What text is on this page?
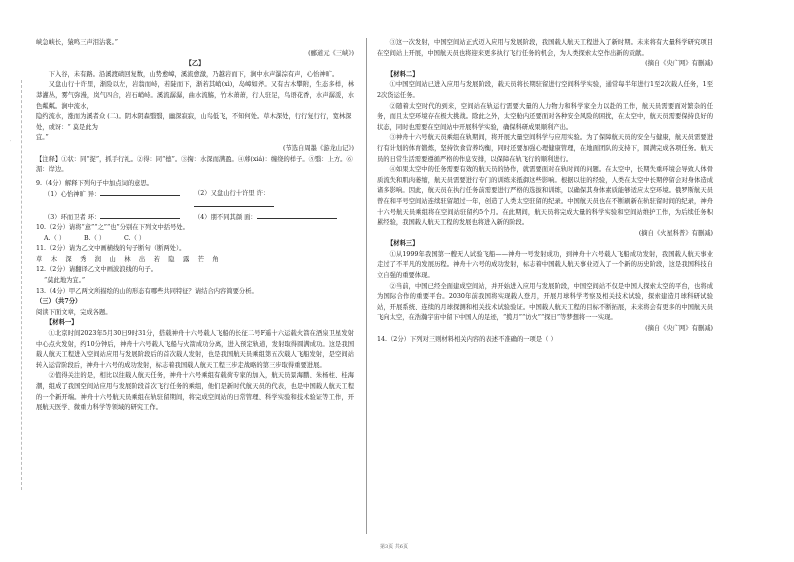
·
峡急峡长，猿鸣三声泪沾裳。”
(郦道元《三峡》)
【乙】
下入谷，未有路。沿溪渡碛回复数，山势愈嶂，溪流愈激，乃越岩而下，涧中水声瀑淙有声，心怡神旷。
又盘山行十许里，渐险以左，岩翁而峙，若陡而下，渐若其峭(xì)，岛嶂如斧。又有古木攀附，生态多样，林莽灌丛，雾气弥漫，岚气四合，岩石峭峙。溪流潺潺，曲水流觞，竹木萧萧，行人驻足，鸟语花香，水声潺湲，水色粼粼。涧中流水，
隐约流水，涨而为溪者众 (二)。阴木阴森翳翳，幽深寂寂，山鸟低飞，不知何处。草木深处，行行复行行，宽林深处，或讶：“ 莫是此为
宜。”
(节选自周墨《游龙山记》)
【注释】①状：同“捉”，抓手行礼。②得：同“德”。③掬：水深而满盈。④蓐(xiá)：缠绕的样子。⑤翳：上方。⑥湄：岸边。
9.（4分）解释下列句子中加点词的意思。
（1）心怡神旷 异：	（2）又盘山行十许里 许：
（3）环而卫者 环：	（4）朋不同其颜 面：
10.（2分）请将“意”“之”“也”分别在下列文中括号处。
A.（ ）	B.（ ）	C.（ ）
11.（2分）请为乙文中画横线的句子断句（断两处）。
草 木 深 秀 润 山 林 出 若 隐 露 芒 角
12.（2分）请翻译乙文中画波浪线的句子。
“莫此地为宜。”
13.（4分）甲乙两文所描绘的山的形态有哪些共同特征？请结合内容简要分析。
（三）（共7分）
阅读下面文章，完成各题。
【材料一】
①北京时间2023年5月30日9时31分，搭载神舟十六号载人飞船的长征二号F遥十六运载火箭在酒泉卫星发射中心点火发射，约10分钟后，神舟十六号载人飞船与火箭成功分离，进入预定轨道，发射取得圆满成功。这是我国载人航天工程进入空间站应用与发展阶段后的首次载人发射，也是我国航天员乘组第五次载人飞船发射，是空间站转入运营阶段后，神舟十六号的成功发射，标志着我国载人航天工程三步走战略的第三步取得重要进展。
②值得关注的是，相比以往载人航天任务，神舟十六号乘组有载荷专家的加入，航天员景海鹏、朱杨柱、桂海潮，组成了我国空间站应用与发展阶段首次飞行任务的乘组，他们是新时代航天员的代表，也是中国载人航天工程的一个新开端。神舟十六号航天员乘组在轨驻留期间，将完成空间站的日常管理、科学实验和技术验证等工作，开展航天医学、微重力科学等领域的研究工作。
③这一次发射，中国空间站正式迈入应用与发展阶段，我国载人航天工程进入了新时期。未来将有大量科学研究项目在空间站上开展，中国航天员也将迎来更多执行飞行任务的机会，为人类探索太空作出新的贡献。
(摘自《央广网》有删减)
【材料二】
①中国空间站已进入应用与发展阶段，载天员将长期驻留进行空间科学实验，通常每半年进行1至2次载人任务，1至2次货运任务。
②随着太空时代的到来，空间站在轨运行需要大量的人力物力和科学家全力以赴的工作，航天员需要面对繁杂的任务，而且太空环境存在极大挑战。除此之外，太空舱内还要面对各种安全风险的困扰，在太空中，航天员需要保持良好的状态，同时也需要在空间站中开展科学实验，确保科研成果顺利产出。
③神舟十六号航天员乘组在轨期间，将开展大量空间科学与应用实验。为了保障航天员的安全与健康，航天员需要进行有计划的体育锻炼，坚持饮食营养均衡，同时还要加强心理健康管理，在地面团队的支持下，圆满完成各项任务。航天员的日常生活需要遵循严格的作息安排，以保障在轨飞行的顺利进行。
④如果太空中的任务需要有效的航天员的协作，就需要面对在轨时间的问题。在太空中，长期失重环境会导致人体骨质流失和肌肉萎缩，航天员需要进行专门的训练来抵御这些影响。根据以往的经验，人类在太空中长期停留会对身体造成诸多影响。因此，航天员在执行任务前需要进行严格的选拔和训练，以确保其身体素质能够适应太空环境。俄罗斯航天员曾在和平号空间站连续驻留超过一年，创造了人类太空驻留的纪录。中国航天员也在不断刷新在轨驻留时间的纪录，神舟十六号航天员乘组将在空间站驻留约5个月。在此期间，航天员将完成大量的科学实验和空间站维护工作，为后续任务积累经验，我国载人航天工程的发展也将进入新的阶段。
(摘自《火星科普》有删减)
【材料三】
①从1999年我国第一艘无人试验飞船——神舟一号发射成功，到神舟十六号载人飞船成功发射，我国载人航天事业走过了不平凡的发展历程。神舟十六号的成功发射，标志着中国载人航天事业迈入了一个新的历史阶段，这是我国科技自立自强的重要体现。
②当前，中国已经全面建成空间站，并开始进入应用与发展阶段，中国空间站不仅是中国人探索太空的平台，也将成为国际合作的重要平台。2030年前我国将实现载人登月，开展月球科学考察及相关技术试验，探索建造月球科研试验站，开展系统、连续的月球探测和相关技术试验验证。中国载人航天工程的目标不断拓展，未来将会有更多的中国航天员飞向太空，在浩瀚宇宙中留下中国人的足迹，“揽月”“访火”“探日”等梦想将一一实现。
(摘自《央广网》有删减)
14.（2分）下列对三则材料相关内容的表述不准确的一项是（ ）
第3页 共6页
